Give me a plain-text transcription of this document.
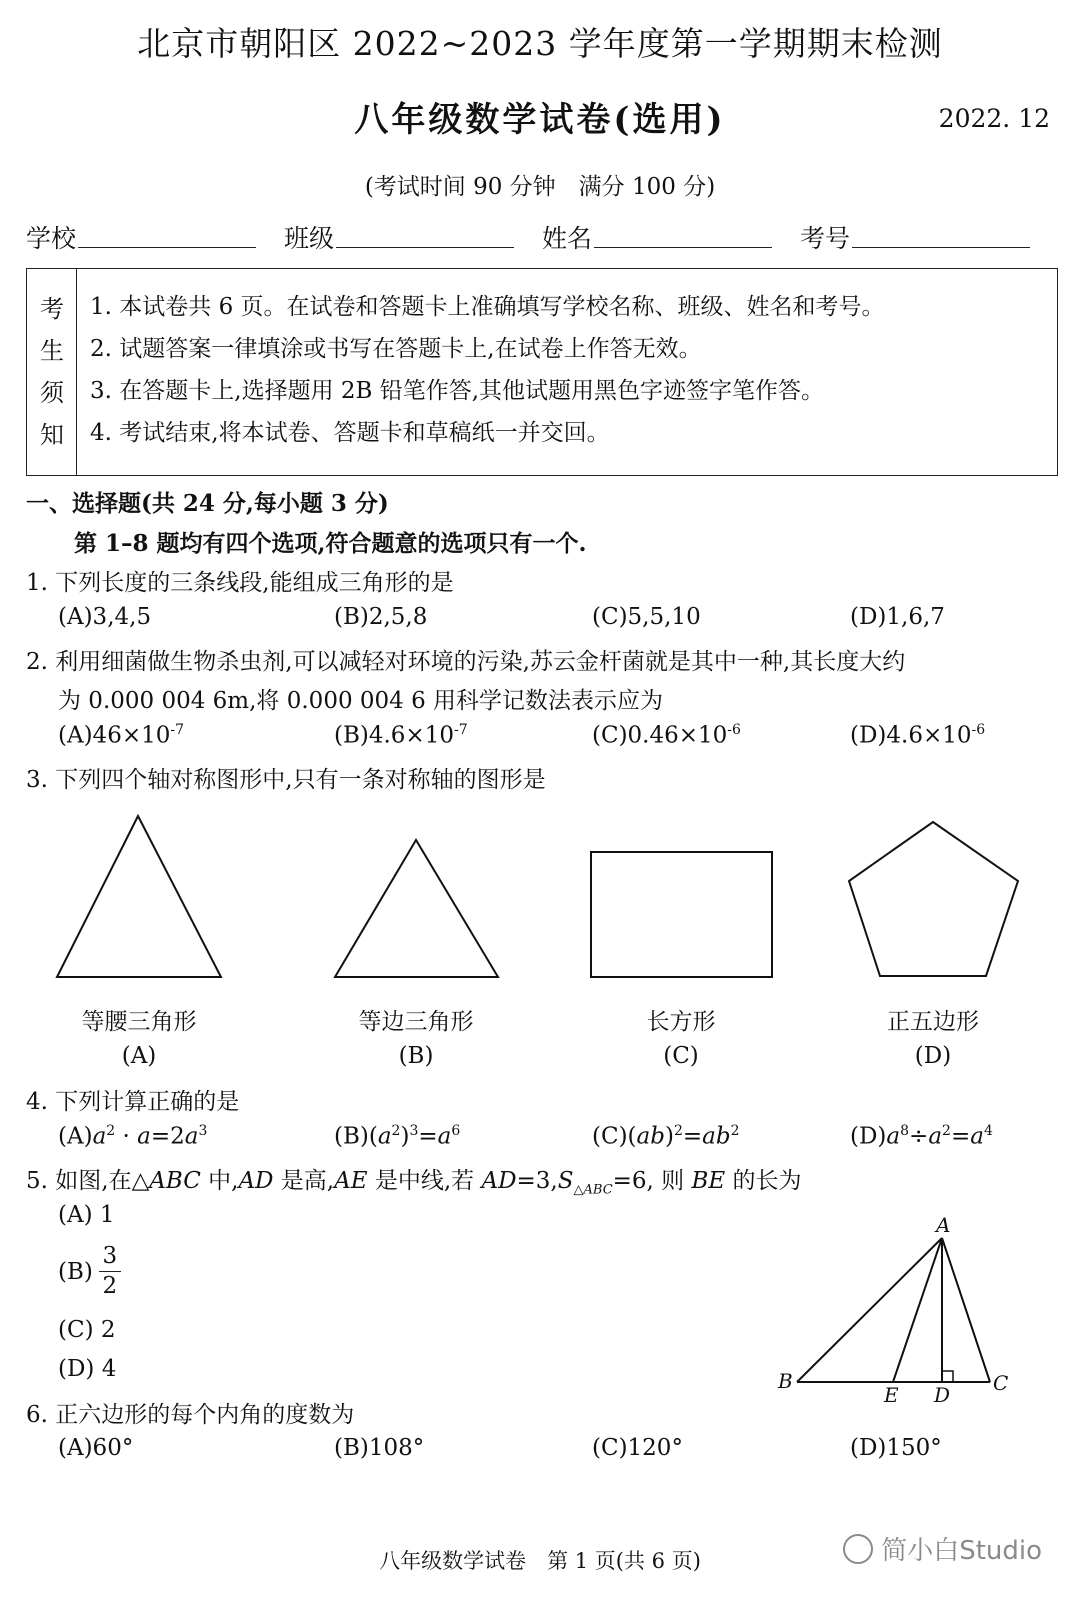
北京市朝阳区 2022~2023 学年度第一学期期末检测
八年级数学试卷(选用)	2022. 12
(考试时间 90 分钟　满分 100 分)
学校	班级	姓名	考号
考
生
须
知
1. 本试卷共 6 页。在试卷和答题卡上准确填写学校名称、班级、姓名和考号。
2. 试题答案一律填涂或书写在答题卡上,在试卷上作答无效。
3. 在答题卡上,选择题用 2B 铅笔作答,其他试题用黑色字迹签字笔作答。
4. 考试结束,将本试卷、答题卡和草稿纸一并交回。
一、选择题(共 24 分,每小题 3 分)
第 1–8 题均有四个选项,符合题意的选项只有一个.
1. 下列长度的三条线段,能组成三角形的是
(A)3,4,5	(B)2,5,8	(C)5,5,10	(D)1,6,7
2. 利用细菌做生物杀虫剂,可以减轻对环境的污染,苏云金杆菌就是其中一种,其长度大约
为 0.000 004 6m,将 0.000 004 6 用科学记数法表示应为
$(A)46\times 10^{-7}$	$(B)4.6\times 10^{-7}$	$(C)0.46\times 10^{-6}$	$(D)4.6\times 10^{-6}$
3. 下列四个轴对称图形中,只有一条对称轴的图形是
等腰三角形	等边三角形	长方形	正五边形
(A)	(B)	(C)	(D)
4. 下列计算正确的是
$(A)a^2 \cdot a=2a^3$	$(B)(a^2)^3=a^6$	$(C)(ab)^2=ab^2$	$(D)a^8\div a^2=a^4$
5. 如图,在△ABC 中,AD 是高,AE 是中线,若 $AD=3,S_{\triangle ABC}=6$, 则 BE 的长为
(A) 1
$(B) \frac{3}{2}$
(C) 2
(D) 4
A
B	C
D
E
6. 正六边形的每个内角的度数为
(A)60°	(B)108°	(C)120°	(D)150°
八年级数学试卷　第 1 页(共 6 页)	简小白Studio
